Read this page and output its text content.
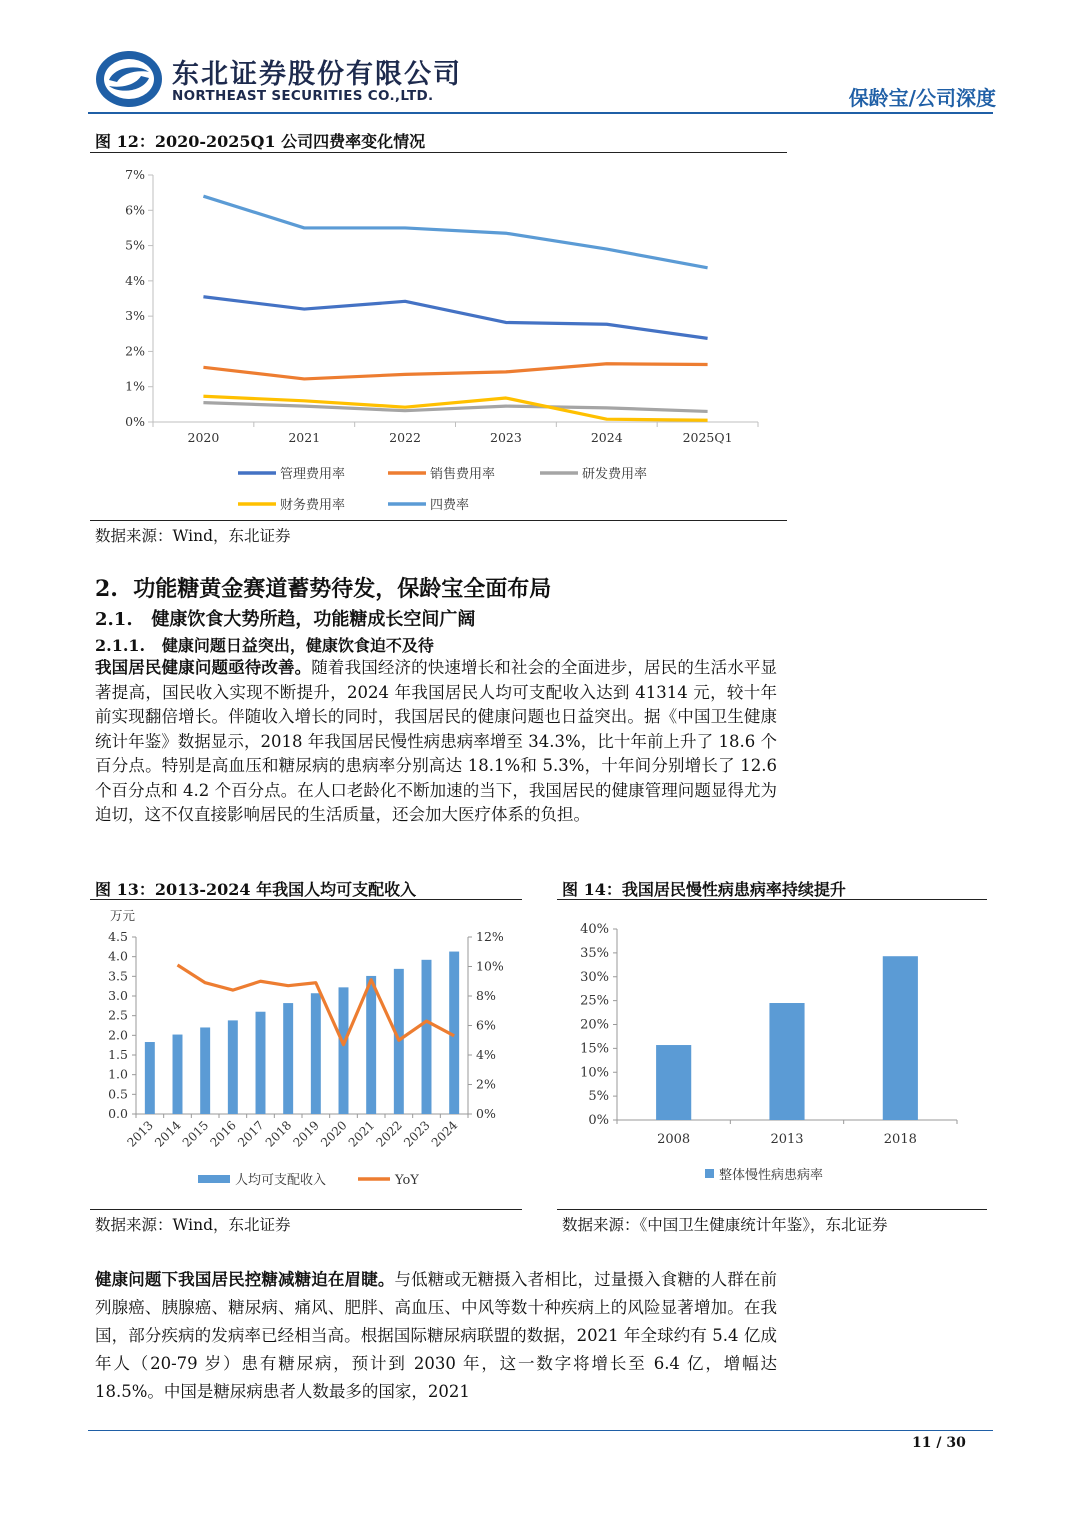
东北证券股份有限公司
NORTHEAST SECURITIES CO.,LTD.	保龄宝/公司深度
图 12：2020-2025Q1 公司四费率变化情况
0%
1%
2%
3%
4%
5%
6%
7%
2020	2021	2022	2023	2024	2025Q1
管理费用率	销售费用率	研发费用率
财务费用率	四费率
数据来源：Wind，东北证券
2.  功能糖黄金赛道蓄势待发，保龄宝全面布局
2.1.   健康饮食大势所趋，功能糖成长空间广阔
2.1.1.   健康问题日益突出，健康饮食迫不及待
我国居民健康问题亟待改善。随着我国经济的快速增长和社会的全面进步，居民的生活水平显著提高，国民收入实现不断提升，2024 年我国居民人均可支配收入达到 41314 元，较十年前实现翻倍增长。伴随收入增长的同时，我国居民的健康问题也日益突出。据《中国卫生健康统计年鉴》数据显示，2018 年我国居民慢性病患病率增至 34.3%，比十年前上升了 18.6 个百分点。特别是高血压和糖尿病的患病率分别高达 18.1%和 5.3%，十年间分别增长了 12.6 个百分点和 4.2 个百分点。在人口老龄化不断加速的当下，我国居民的健康管理问题显得尤为迫切，这不仅直接影响居民的生活质量，还会加大医疗体系的负担。
图 13：2013-2024 年我国人均可支配收入
万元
0.0
0.5
1.0
1.5
2.0
2.5
3.0
3.5
4.0
4.5
0%
2%
4%
6%
8%
10%
12%
2013
2014
2015
2016
2017
2018
2019
2020
2021
2022
2023
2024
人均可支配收入	YoY
数据来源：Wind，东北证券
图 14：我国居民慢性病患病率持续提升
0%
5%
10%
15%
20%
25%
30%
35%
40%
2008	2013	2018
整体慢性病患病率
数据来源：《中国卫生健康统计年鉴》，东北证券
健康问题下我国居民控糖减糖迫在眉睫。与低糖或无糖摄入者相比，过量摄入食糖的人群在前列腺癌、胰腺癌、糖尿病、痛风、肥胖、高血压、中风等数十种疾病上的风险显著增加。在我国，部分疾病的发病率已经相当高。根据国际糖尿病联盟的数据，2021 年全球约有 5.4 亿成年人（20-79 岁）患有糖尿病，预计到 2030 年，这一数字将增长至 6.4 亿，增幅达 18.5%。中国是糖尿病患者人数最多的国家，2021
11 / 30
